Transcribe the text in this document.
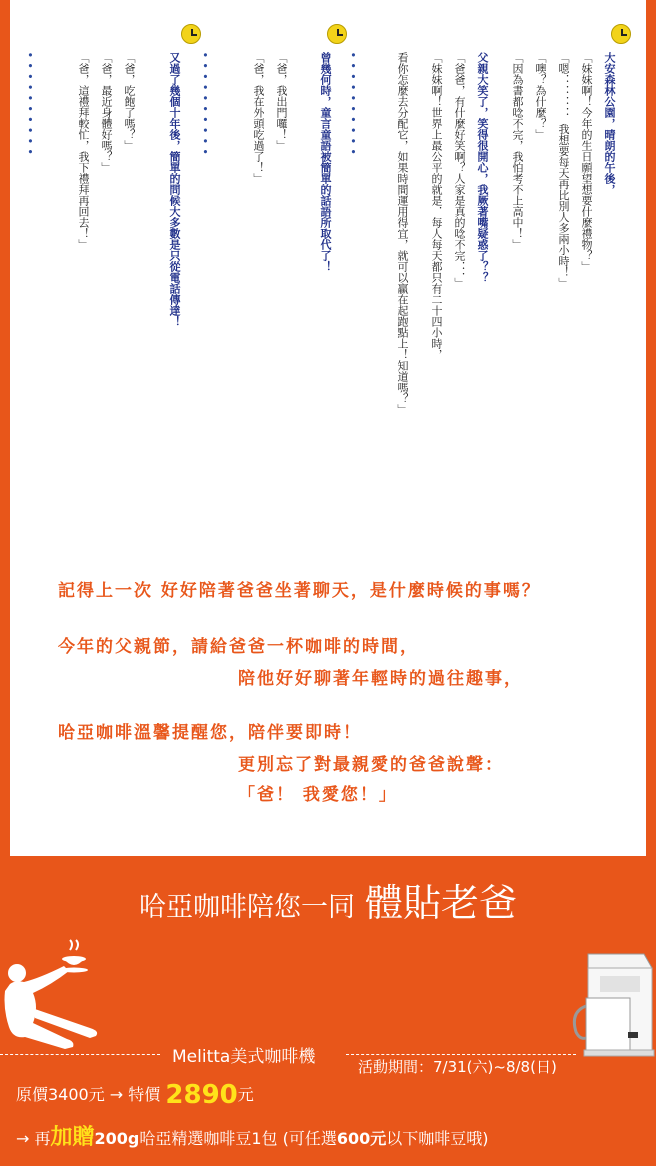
大安森林公園，晴朗的午後，
「妹妹啊！今年的生日願望想要什麼禮物？」
「嗯．．．．．．．．我想要每天再比別人多兩小時！」
「噢？為什麼？」
「因為書都唸不完，我怕考不上高中！」
父親大笑了，笑得很開心，我厥著嘴疑惑了？？
「爸爸，有什麼好笑啊？人家是真的唸不完．．．」
「妹妹啊！世界上最公平的就是．每人每天都只有二十四小時，
看你怎麼去分配它，如果時間運用得宜，就可以贏在起跑點上！知道嗎？」
••••••••••
曾幾何時，童言童語被簡單的話語所取代了！
「爸，我出門囉！」
「爸，我在外頭吃過了！」
••••••••••
又過了幾個十年後，簡單的問候大多數是只從電話傳達！
「爸，吃飽了嗎？」
「爸，最近身體好嗎？」
「爸，這禮拜較忙，我下禮拜再回去！」
••••••••••
記得上一次 好好陪著爸爸坐著聊天，是什麼時候的事嗎？
今年的父親節，請給爸爸一杯咖啡的時間，
陪他好好聊著年輕時的過往趣事，
哈亞咖啡溫馨提醒您，陪伴要即時！
更別忘了對最親愛的爸爸說聲：
「爸！ 我愛您！」
哈亞咖啡陪您一同 體貼老爸
Melitta美式咖啡機	活動期間：7/31(六)~8/8(日)
原價3400元 → 特價 2890元
→ 再加贈200g哈亞精選咖啡豆1包 (可任選600元以下咖啡豆哦)
